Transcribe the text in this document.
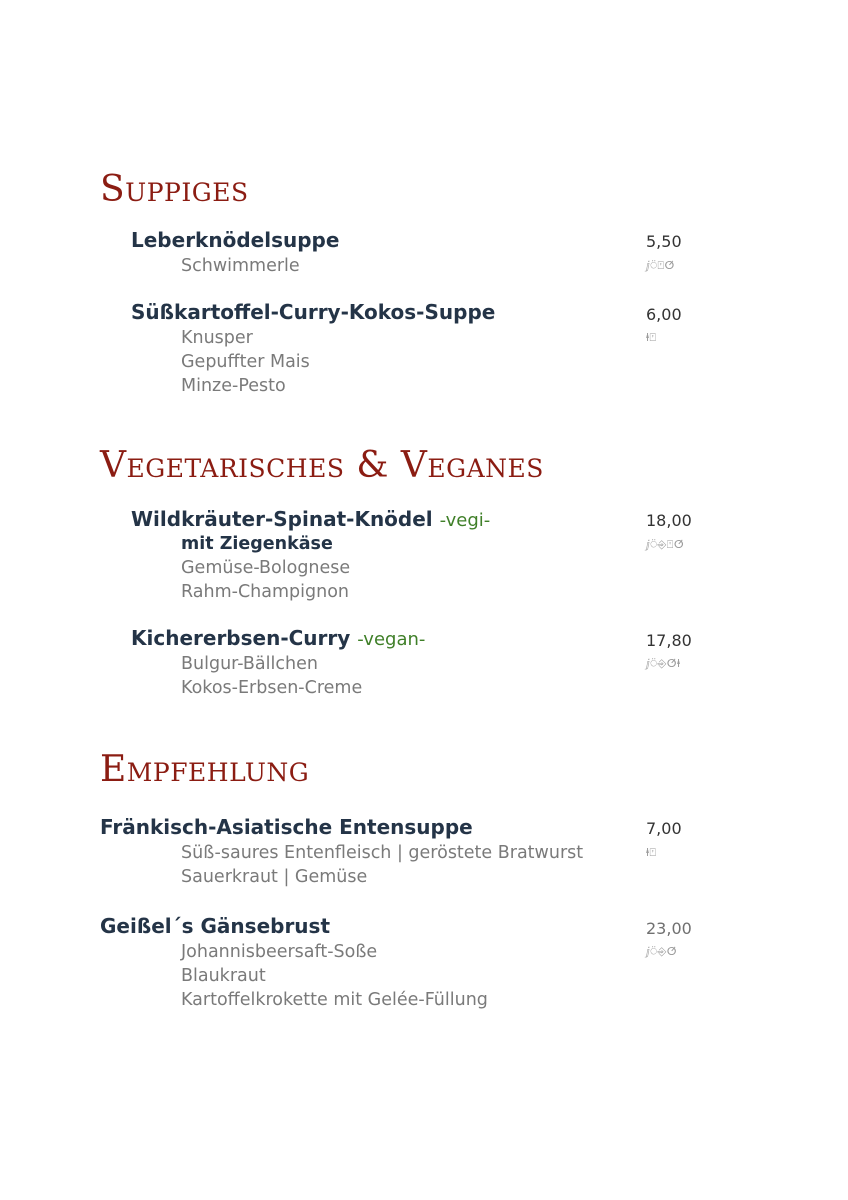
Suppiges
Leberknödelsuppe	5,50
ⅉ⍥⍞ⵚ
Schwimmerle
Süßkartoffel-Curry-Kokos-Suppe	6,00
ⱡ⍞
Knusper
Gepuffter Mais
Minze-Pesto
Vegetarisches & Veganes
Wildkräuter-Spinat-Knödel -vegi-	18,00
ⅉ⍥⎆⍞ⵚ
mit Ziegenkäse
Gemüse-Bolognese
Rahm-Champignon
Kichererbsen-Curry -vegan-	17,80
ⅉ⍥⎆ⵚⱡ
Bulgur-Bällchen
Kokos-Erbsen-Creme
Empfehlung
Fränkisch-Asiatische Entensuppe	7,00
ⱡ⍞
Süß-saures Entenfleisch | geröstete Bratwurst
Sauerkraut | Gemüse
Geißel´s Gänsebrust	23,00
ⅉ⍥⎆ⵚ
Johannisbeersaft-Soße
Blaukraut
Kartoffelkrokette mit Gelée-Füllung
